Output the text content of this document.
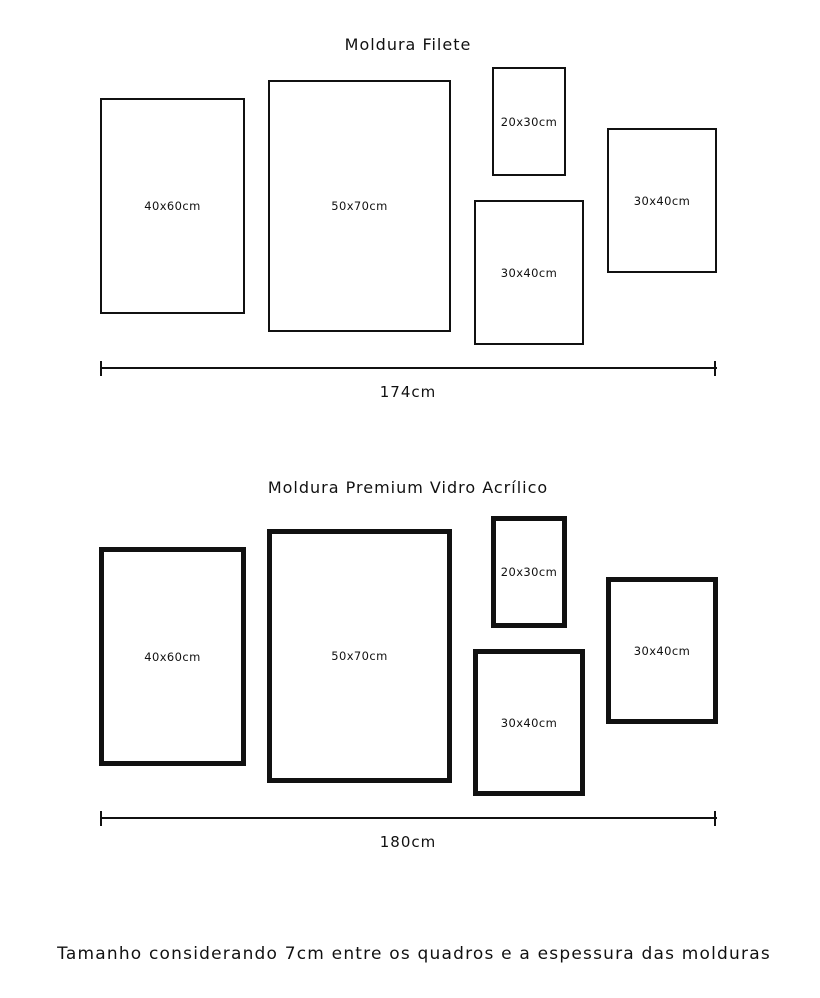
Moldura Filete
40x60cm	50x70cm
20x30cm
30x40cm
30x40cm
174cm
Moldura Premium Vidro Acrílico
40x60cm	50x70cm
20x30cm
30x40cm
30x40cm
180cm
Tamanho considerando 7cm entre os quadros e a espessura das molduras
